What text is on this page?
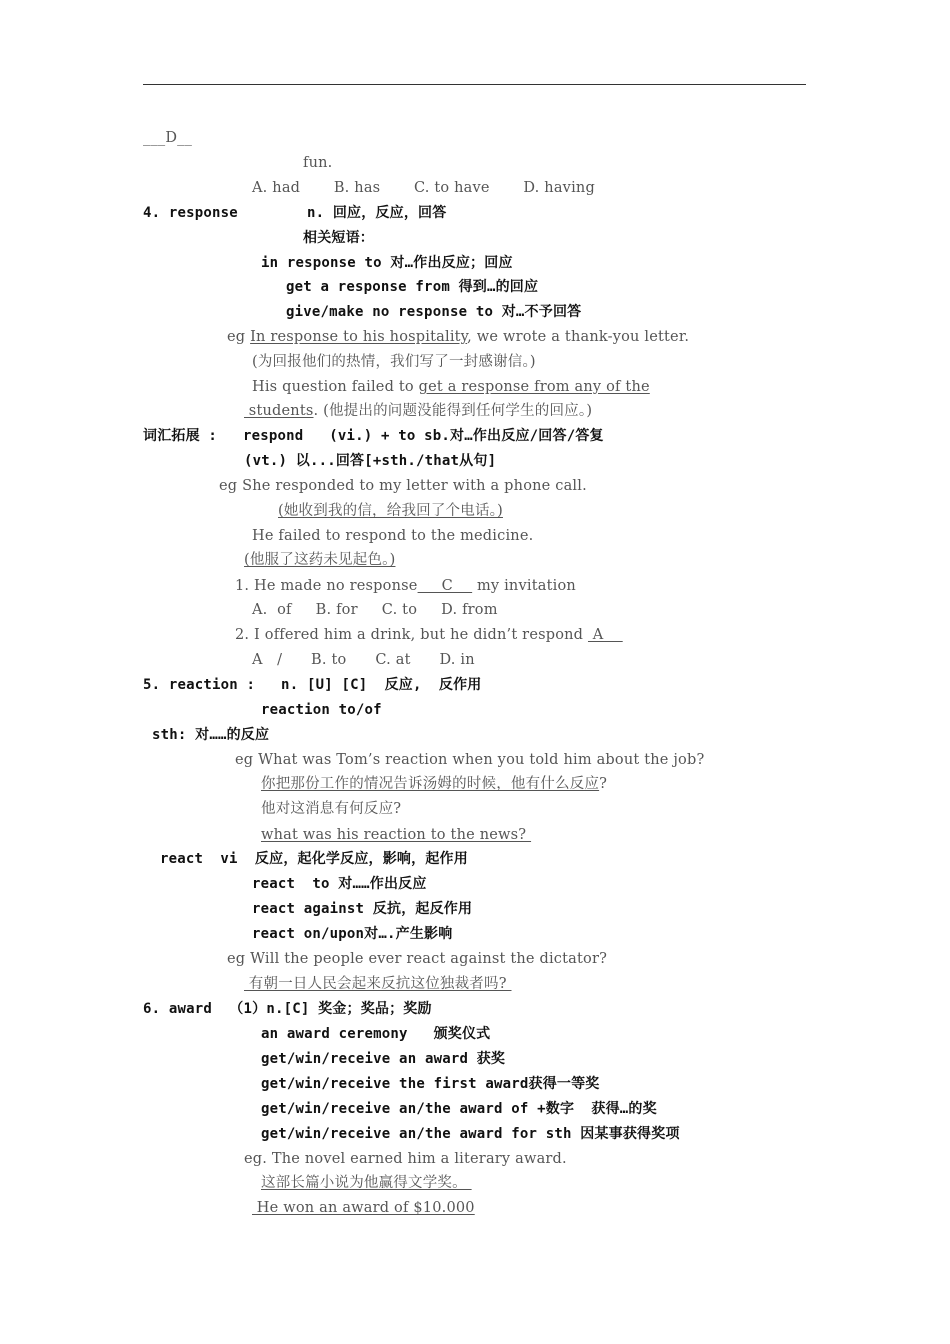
___D__
fun.
A. had       B. has       C. to have       D. having
4. response        n. 回应，反应，回答
相关短语：
in response to 对…作出反应；回应
get a response from 得到…的回应
give/make no response to 对…不予回答
eg In response to his hospitality, we wrote a thank-you letter.
(为回报他们的热情，我们写了一封感谢信。)
His question failed to get a response from any of the
students. (他提出的问题没能得到任何学生的回应。)
词汇拓展 :   respond   (vi.) + to sb.对…作出反应/回答/答复
(vt.) 以...回答[+sth./that从句]
eg She responded to my letter with a phone call.
(她收到我的信，给我回了个电话。)
He failed to respond to the medicine.
(他服了这药未见起色。)
1. He made no response     C     my invitation
A.  of     B. for     C. to     D. from
2. I offered him a drink, but he didn’t respond  A
A   /      B. to      C. at      D. in
5. reaction :   n. [U] [C]  反应,  反作用
reaction to/of
sth: 对……的反应
eg What was Tom’s reaction when you told him about the job?
你把那份工作的情况告诉汤姆的时候，他有什么反应?
他对这消息有何反应?
what was his reaction to the news?
react  vi  反应，起化学反应，影响，起作用
react  to 对……作出反应
react against 反抗，起反作用
react on/upon对….产生影响
eg Will the people ever react against the dictator?
有朝一日人民会起来反抗这位独裁者吗?
6. award  （1）n.[C] 奖金；奖品；奖励
an award ceremony   颁奖仪式
get/win/receive an award 获奖
get/win/receive the first award获得一等奖
get/win/receive an/the award of +数字  获得…的奖
get/win/receive an/the award for sth 因某事获得奖项
eg. The novel earned him a literary award.
这部长篇小说为他赢得文学奖。
He won an award of $10.000
